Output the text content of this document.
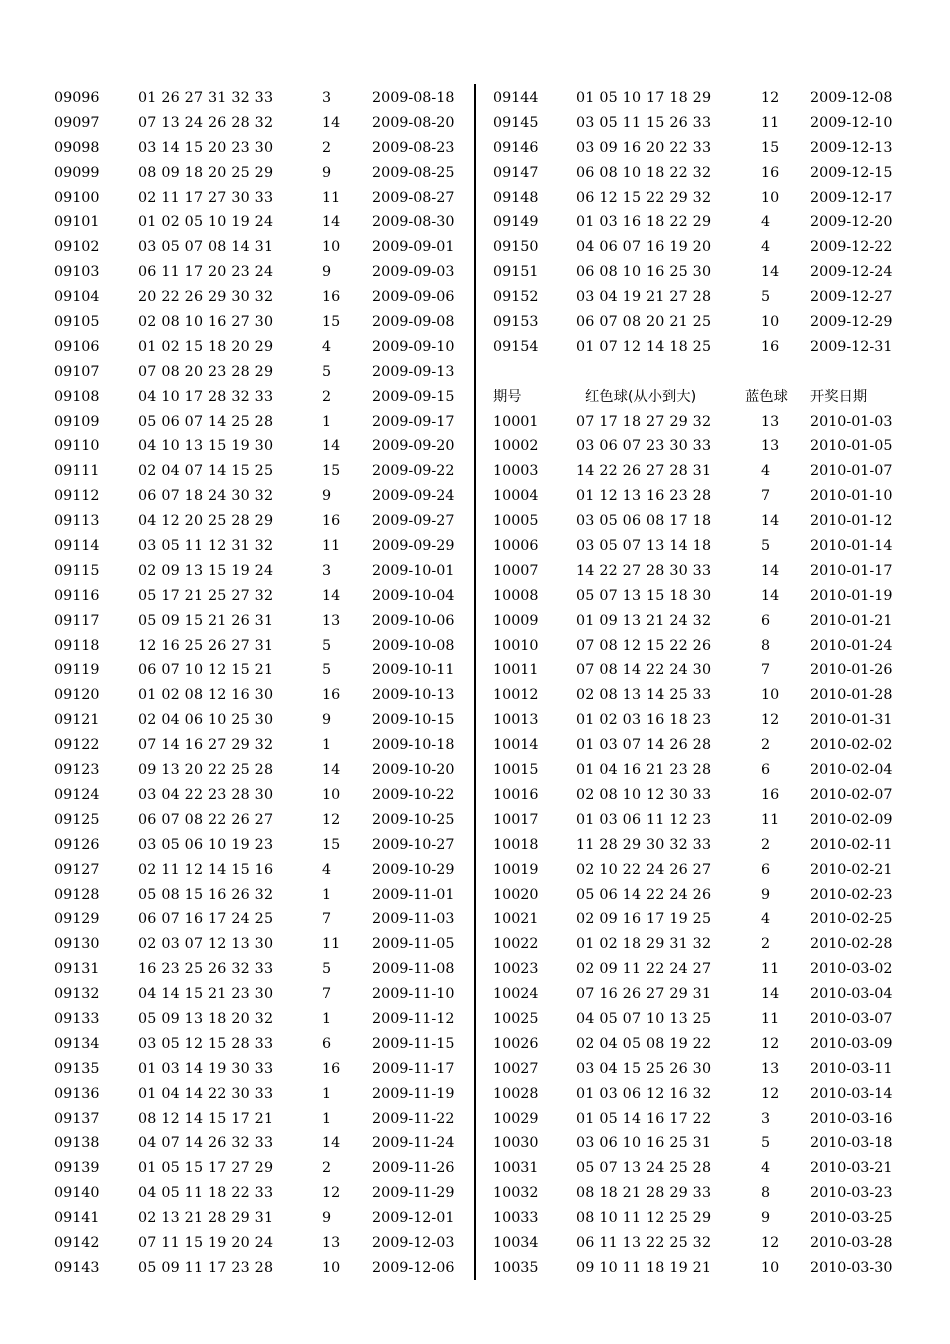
09096	01 26 27 31 32 33	3	2009-08-18
09097	07 13 24 26 28 32	14 2009-08-20
09098	03 14 15 20 23 30	2	2009-08-23
09099	08 09 18 20 25 29	9	2009-08-25
09100	02 11 17 27 30 33	11 2009-08-27
09101	01 02 05 10 19 24	14 2009-08-30
09102	03 05 07 08 14 31	10 2009-09-01
09103	06 11 17 20 23 24	9	2009-09-03
09104	20 22 26 29 30 32	16 2009-09-06
09105	02 08 10 16 27 30	15 2009-09-08
09106	01 02 15 18 20 29	4	2009-09-10
09107	07 08 20 23 28 29	5	2009-09-13
09108	04 10 17 28 32 33	2	2009-09-15
09109	05 06 07 14 25 28	1	2009-09-17
09110	04 10 13 15 19 30	14 2009-09-20
09111	02 04 07 14 15 25	15 2009-09-22
09112	06 07 18 24 30 32	9	2009-09-24
09113	04 12 20 25 28 29	16 2009-09-27
09114	03 05 11 12 31 32	11 2009-09-29
09115	02 09 13 15 19 24	3	2009-10-01
09116	05 17 21 25 27 32	14 2009-10-04
09117	05 09 15 21 26 31	13 2009-10-06
09118	12 16 25 26 27 31	5	2009-10-08
09119	06 07 10 12 15 21	5	2009-10-11
09120	01 02 08 12 16 30	16 2009-10-13
09121	02 04 06 10 25 30	9	2009-10-15
09122	07 14 16 27 29 32	1	2009-10-18
09123	09 13 20 22 25 28	14 2009-10-20
09124	03 04 22 23 28 30	10 2009-10-22
09125	06 07 08 22 26 27	12 2009-10-25
09126	03 05 06 10 19 23	15 2009-10-27
09127	02 11 12 14 15 16	4	2009-10-29
09128	05 08 15 16 26 32	1	2009-11-01
09129	06 07 16 17 24 25	7	2009-11-03
09130	02 03 07 12 13 30	11 2009-11-05
09131	16 23 25 26 32 33	5	2009-11-08
09132	04 14 15 21 23 30	7	2009-11-10
09133	05 09 13 18 20 32	1	2009-11-12
09134	03 05 12 15 28 33	6	2009-11-15
09135	01 03 14 19 30 33	16 2009-11-17
09136	01 04 14 22 30 33	1	2009-11-19
09137	08 12 14 15 17 21	1	2009-11-22
09138	04 07 14 26 32 33	14 2009-11-24
09139	01 05 15 17 27 29	2	2009-11-26
09140	04 05 11 18 22 33	12 2009-11-29
09141	02 13 21 28 29 31	9	2009-12-01
09142	07 11 15 19 20 24	13 2009-12-03
09143	05 09 11 17 23 28	10 2009-12-06
09144	01 05 10 17 18 29	12 2009-12-08
09145	03 05 11 15 26 33	11 2009-12-10
09146	03 09 16 20 22 33	15 2009-12-13
09147	06 08 10 18 22 32	16 2009-12-15
09148	06 12 15 22 29 32	10 2009-12-17
09149	01 03 16 18 22 29	4	2009-12-20
09150	04 06 07 16 19 20	4	2009-12-22
09151	06 08 10 16 25 30	14 2009-12-24
09152	03 04 19 21 27 28	5	2009-12-27
09153	06 07 08 20 21 25	10 2009-12-29
09154	01 07 12 14 18 25	16 2009-12-31
期号	红色球(从小到大)	蓝色球 开奖日期
10001	07 17 18 27 29 32	13 2010-01-03
10002	03 06 07 23 30 33	13 2010-01-05
10003	14 22 26 27 28 31	4	2010-01-07
10004	01 12 13 16 23 28	7	2010-01-10
10005	03 05 06 08 17 18	14 2010-01-12
10006	03 05 07 13 14 18	5	2010-01-14
10007	14 22 27 28 30 33	14 2010-01-17
10008	05 07 13 15 18 30	14 2010-01-19
10009	01 09 13 21 24 32	6	2010-01-21
10010	07 08 12 15 22 26	8	2010-01-24
10011	07 08 14 22 24 30	7	2010-01-26
10012	02 08 13 14 25 33	10 2010-01-28
10013	01 02 03 16 18 23	12 2010-01-31
10014	01 03 07 14 26 28	2	2010-02-02
10015	01 04 16 21 23 28	6	2010-02-04
10016	02 08 10 12 30 33	16 2010-02-07
10017	01 03 06 11 12 23	11 2010-02-09
10018	11 28 29 30 32 33	2	2010-02-11
10019	02 10 22 24 26 27	6	2010-02-21
10020	05 06 14 22 24 26	9	2010-02-23
10021	02 09 16 17 19 25	4	2010-02-25
10022	01 02 18 29 31 32	2	2010-02-28
10023	02 09 11 22 24 27	11 2010-03-02
10024	07 16 26 27 29 31	14 2010-03-04
10025	04 05 07 10 13 25	11 2010-03-07
10026	02 04 05 08 19 22	12 2010-03-09
10027	03 04 15 25 26 30	13 2010-03-11
10028	01 03 06 12 16 32	12 2010-03-14
10029	01 05 14 16 17 22	3	2010-03-16
10030	03 06 10 16 25 31	5	2010-03-18
10031	05 07 13 24 25 28	4	2010-03-21
10032	08 18 21 28 29 33	8	2010-03-23
10033	08 10 11 12 25 29	9	2010-03-25
10034	06 11 13 22 25 32	12 2010-03-28
10035	09 10 11 18 19 21	10 2010-03-30
